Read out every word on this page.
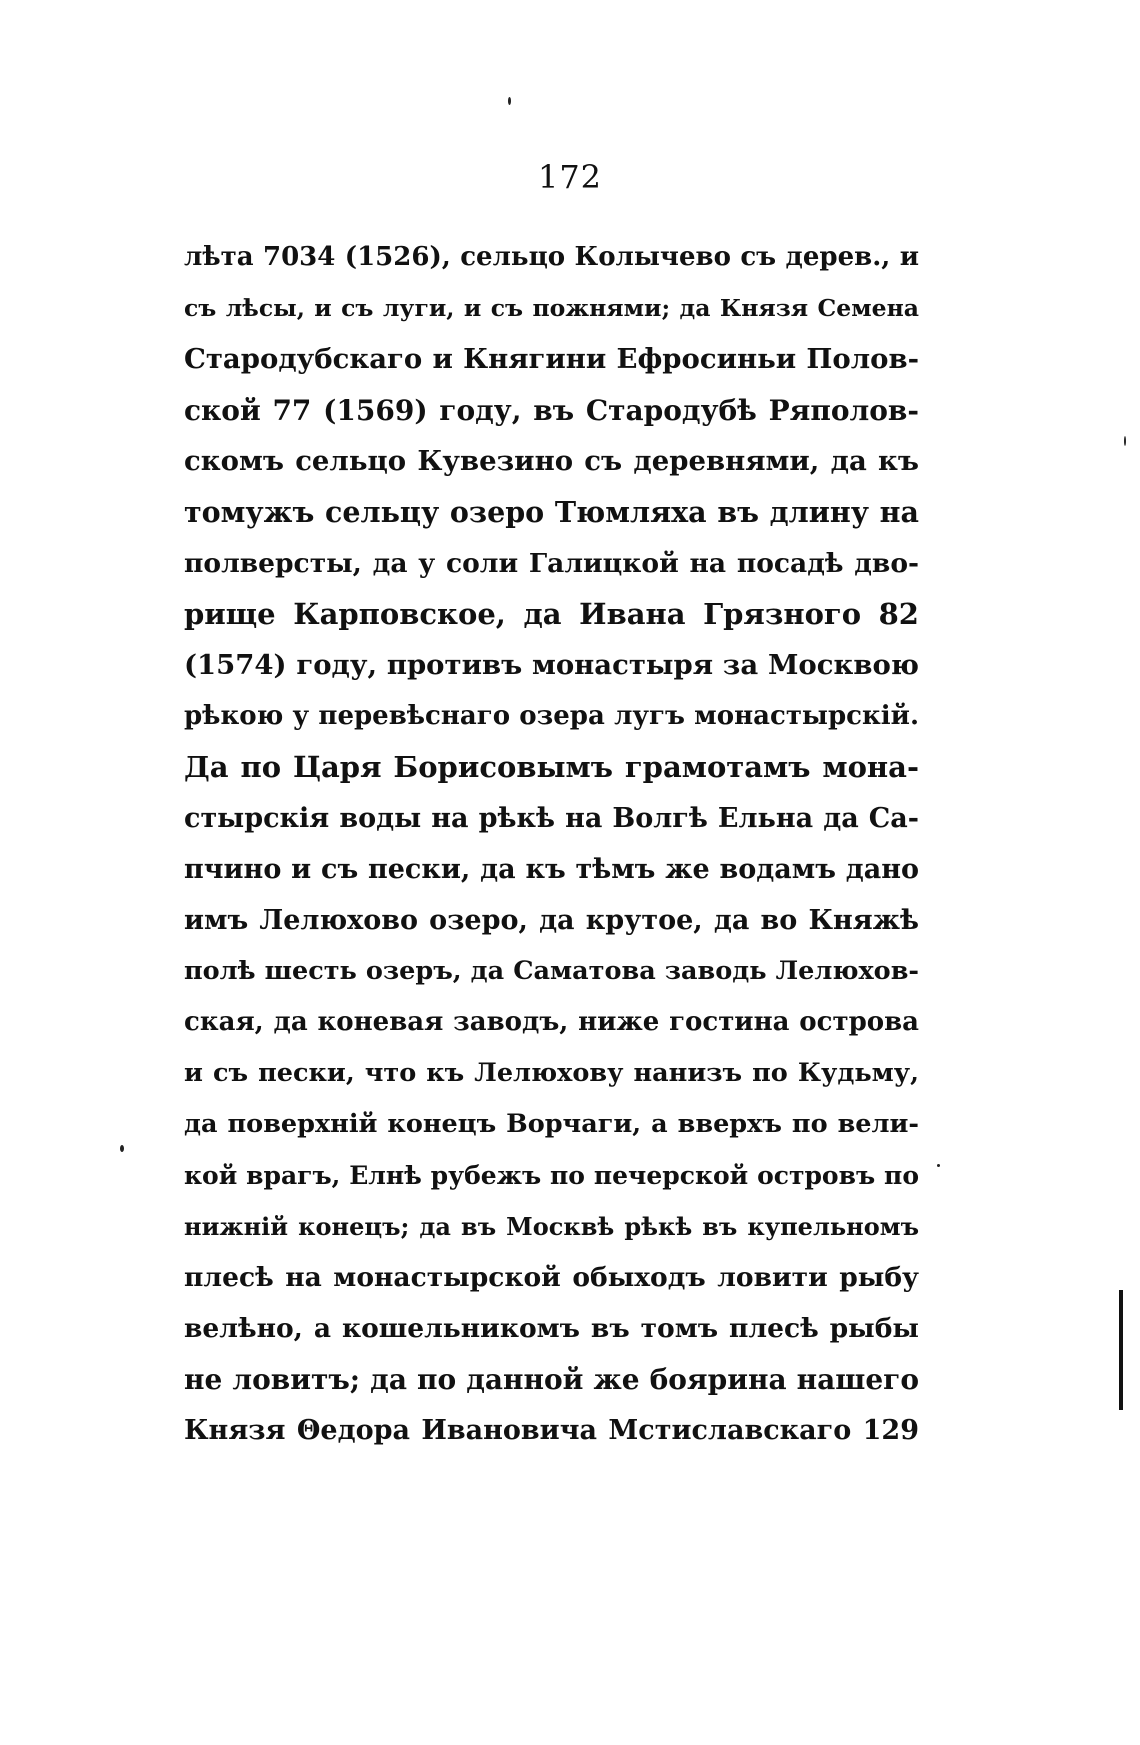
172
лѣта 7034 (1526), сельцо Колычево съ дерев., и
съ лѣсы, и съ луги, и съ пожнями; да Князя Семена
Стародубскаго и Княгини Ефросиньи Полов-
ской 77 (1569) году, въ Стародубѣ Ряполов-
скомъ сельцо Кувезино съ деревнями, да къ
томужъ сельцу озеро Тюмляха въ длину на
полверсты, да у соли Галицкой на посадѣ дво-
рище Карповское, да Ивана Грязного 82
(1574) году, противъ монастыря за Москвою
рѣкою у перевѣснаго озера лугъ монастырскій.
Да по Царя Борисовымъ грамотамъ мона-
стырскія воды на рѣкѣ на Волгѣ Ельна да Са-
пчино и съ пески, да къ тѣмъ же водамъ дано
имъ Лелюхово озеро, да крутое, да во Княжѣ
полѣ шесть озеръ, да Саматова заводь Лелюхов-
ская, да коневая заводъ, ниже гостина острова
и съ пески, что къ Лелюхову нанизъ по Кудьму,
да поверхній конецъ Ворчаги, а вверхъ по вели-
кой врагъ, Елнѣ рубежъ по печерской островъ по
нижній конецъ; да въ Москвѣ рѣкѣ въ купельномъ
плесѣ на монастырской обыходъ ловити рыбу
велѣно, а кошельникомъ въ томъ плесѣ рыбы
не ловитъ; да по данной же боярина нашего
Князя Θедора Ивановича Мстиславскаго 129
